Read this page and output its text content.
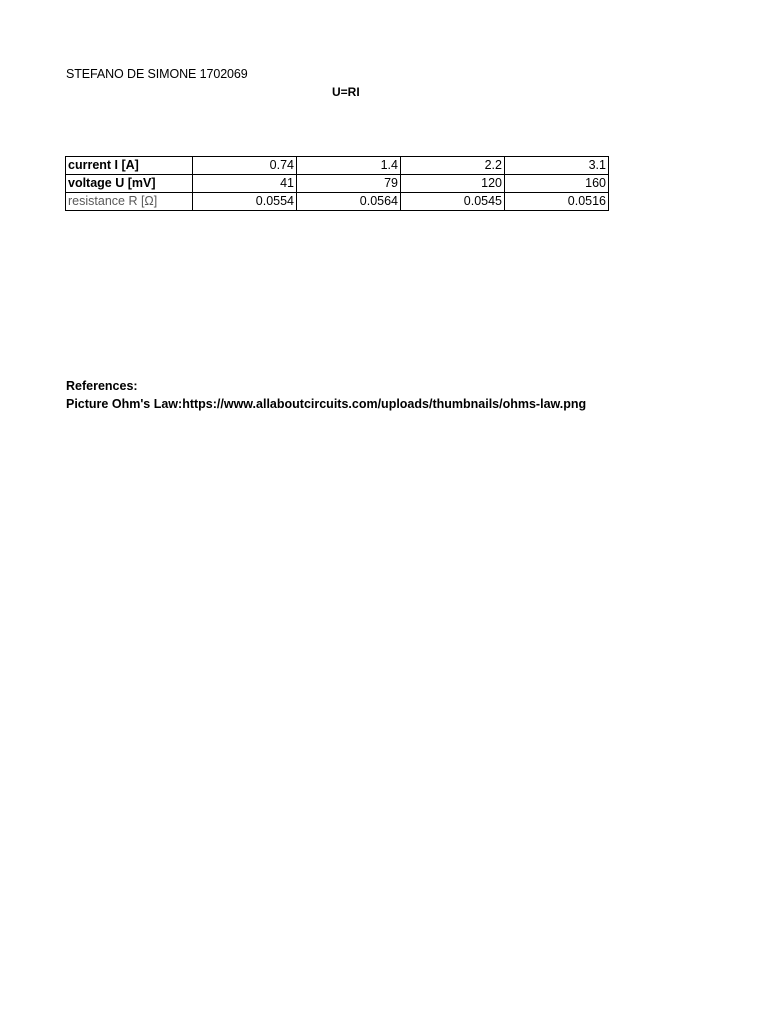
STEFANO DE SIMONE 1702069
U=RI
current I [A]	0.74	1.4	2.2	3.1
voltage U [mV]	41	79	120	160
resistance R [Ω]	0.0554	0.0564	0.0545	0.0516
References:
Picture Ohm's Law:https://www.allaboutcircuits.com/uploads/thumbnails/ohms-law.png
